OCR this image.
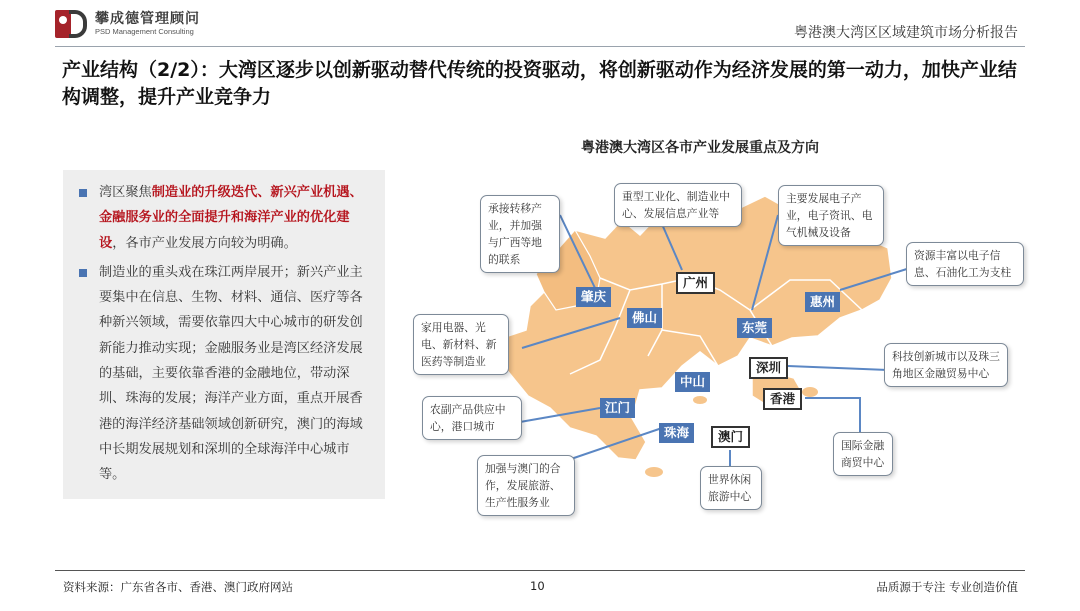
攀成德管理顾问
PSD Management Consulting	粤港澳大湾区区域建筑市场分析报告
产业结构（2/2）：大湾区逐步以创新驱动替代传统的投资驱动，将创新驱动作为经济发展的第一动力，加快产业结构调整，提升产业竞争力
湾区聚焦制造业的升级迭代、新兴产业机遇、金融服务业的全面提升和海洋产业的优化建设，各市产业发展方向较为明确。
制造业的重头戏在珠江两岸展开；新兴产业主要集中在信息、生物、材料、通信、医疗等各种新兴领域，需要依靠四大中心城市的研发创新能力推动实现；金融服务业是湾区经济发展的基础，主要依靠香港的金融地位，带动深圳、珠海的发展；海洋产业方面，重点开展香港的海洋经济基础领域创新研究，澳门的海域中长期发展规划和深圳的全球海洋中心城市等。
粤港澳大湾区各市产业发展重点及方向
肇庆
广州
佛山
东莞
惠州
深圳
中山
江门
香港
珠海	澳门
承接转移产业，并加强与广西等地的联系
重型工业化、制造业中心、发展信息产业等
主要发展电子产业，电子资讯、电气机械及设备
资源丰富以电子信息、石油化工为支柱
家用电器、光电、新材料、新医药等制造业	科技创新城市以及珠三角地区金融贸易中心
农副产品供应中心，港口城市
国际金融商贸中心
加强与澳门的合作，发展旅游、生产性服务业
世界休闲旅游中心
资料来源：广东省各市、香港、澳门政府网站	10	品质源于专注 专业创造价值
